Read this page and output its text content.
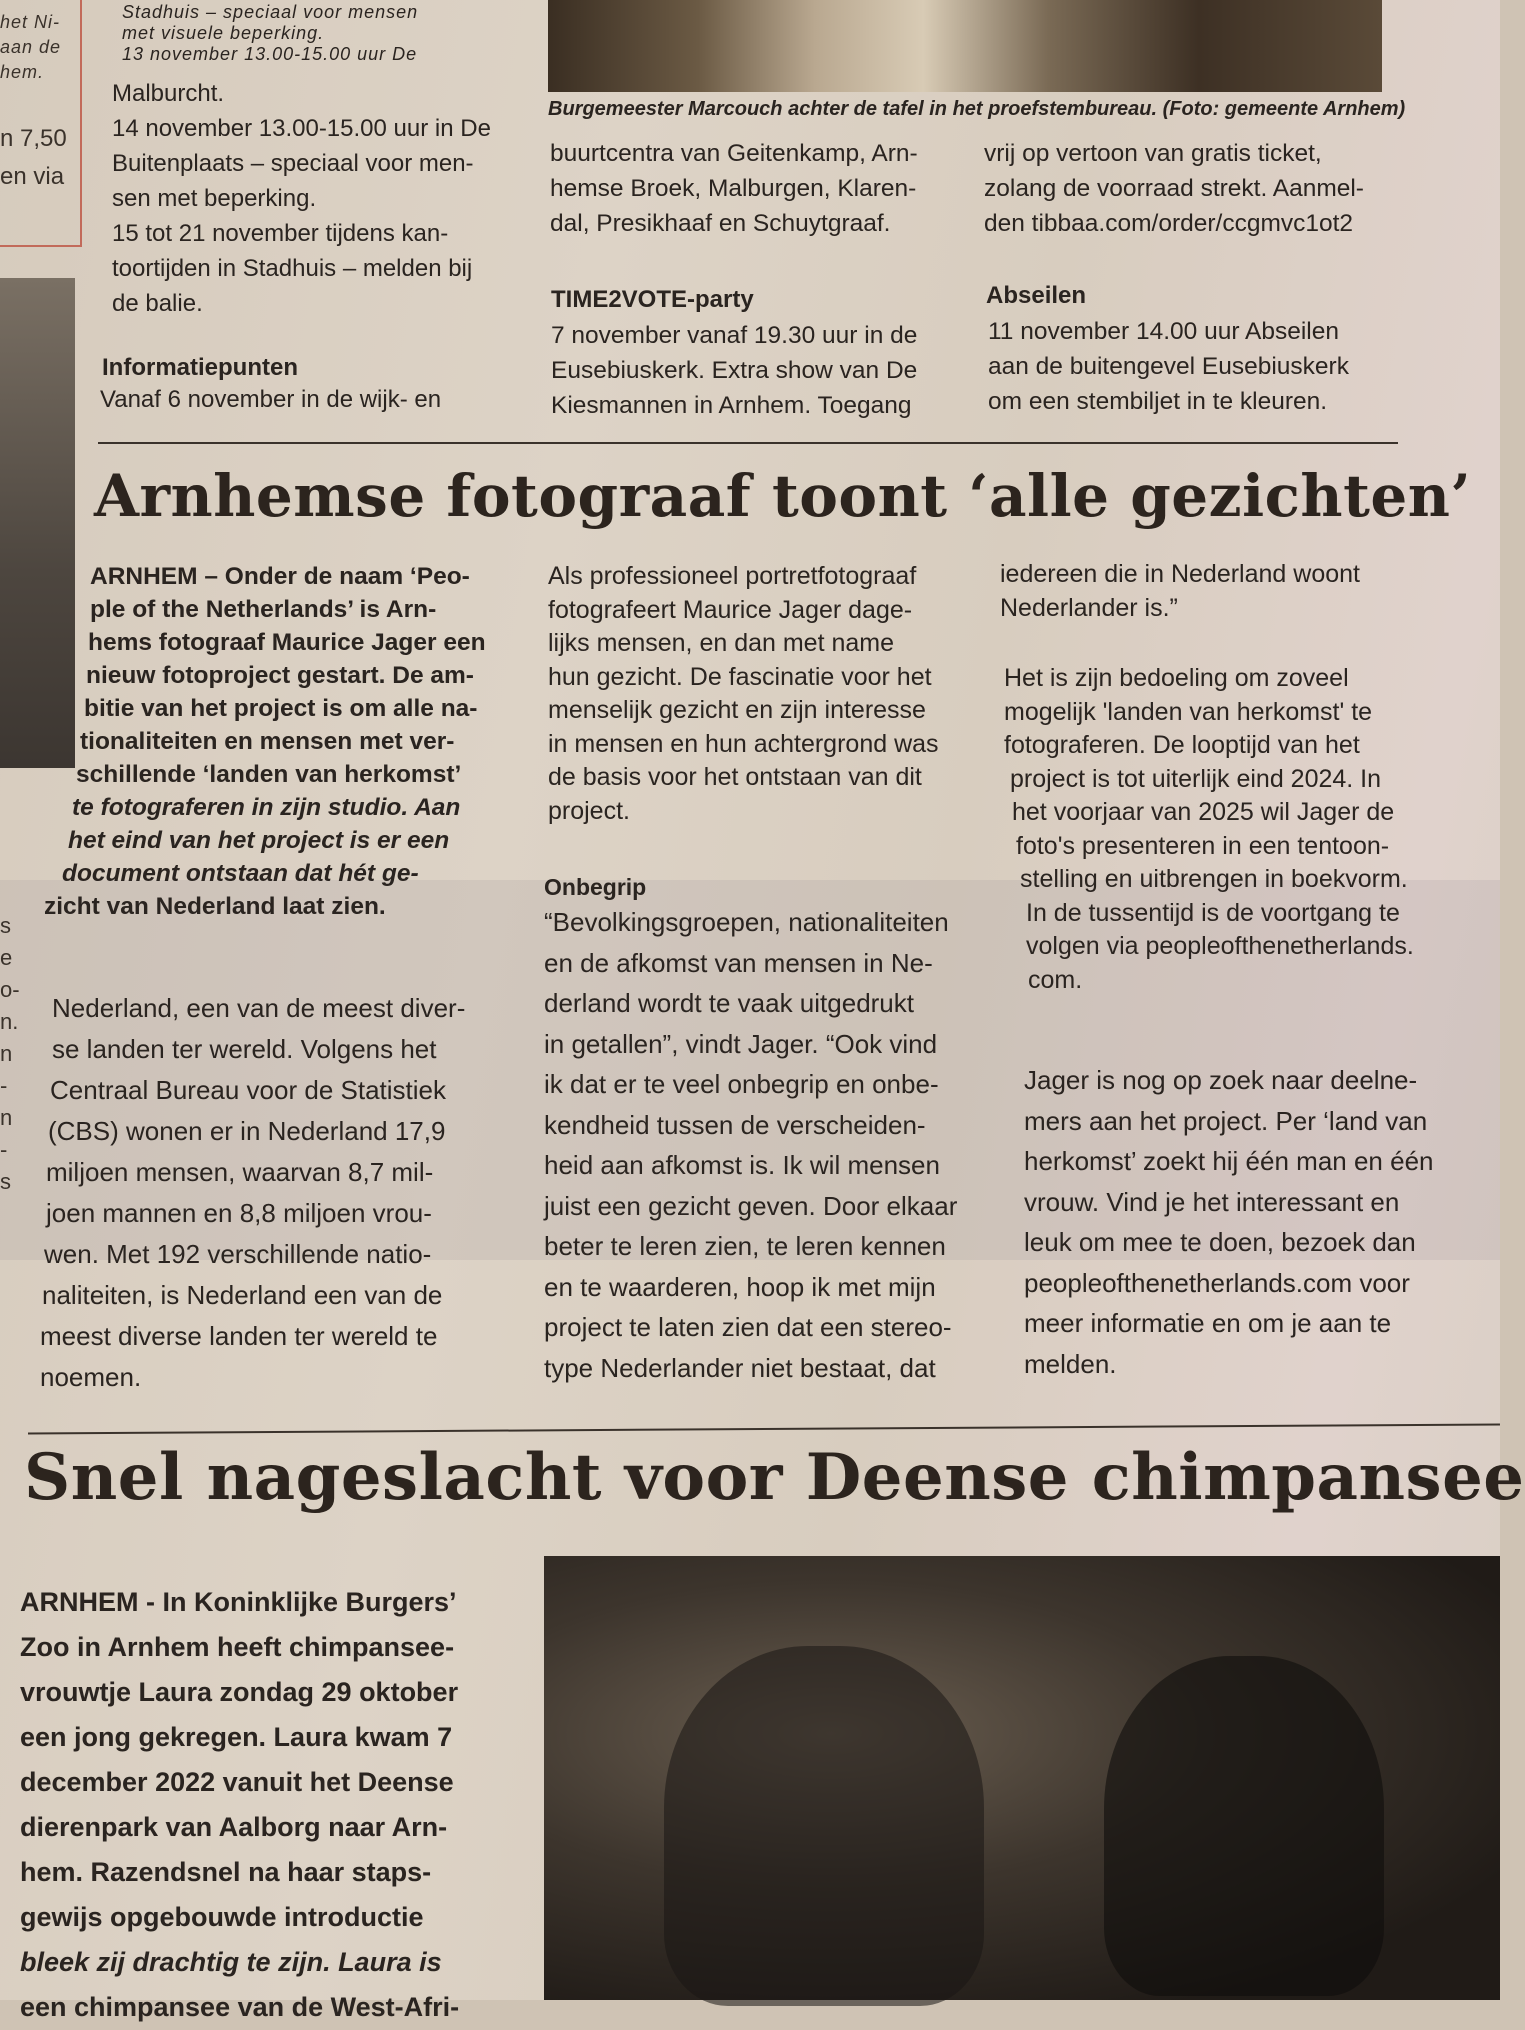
het Ni-
aan de
hem.
n 7,50
en via
s
e
o-
n.
n
-
n
-
s
Stadhuis – speciaal voor mensen
met visuele beperking.
13 november 13.00-15.00 uur De
Malburcht.
14 november 13.00-15.00 uur in De
Buitenplaats – speciaal voor men-
sen met beperking.
15 tot 21 november tijdens kan-
toortijden in Stadhuis – melden bij
de balie.
Informatiepunten
Vanaf 6 november in de wijk- en
Burgemeester Marcouch achter de tafel in het proefstembureau. (Foto: gemeente Arnhem)
buurtcentra van Geitenkamp, Arn-
hemse Broek, Malburgen, Klaren-
dal, Presikhaaf en Schuytgraaf.
TIME2VOTE-party
7 november vanaf 19.30 uur in de
Eusebiuskerk. Extra show van De
Kiesmannen in Arnhem. Toegang
vrij op vertoon van gratis ticket,
zolang de voorraad strekt. Aanmel-
den tibbaa.com/order/ccgmvc1ot2
Abseilen
11 november 14.00 uur Abseilen
aan de buitengevel Eusebiuskerk
om een stembiljet in te kleuren.
Arnhemse fotograaf toont ‘alle gezichten’
ARNHEM – Onder de naam ‘Peo-
ple of the Netherlands’ is Arn-
hems fotograaf Maurice Jager een
nieuw fotoproject gestart. De am-
bitie van het project is om alle na-
tionaliteiten en mensen met ver-
schillende ‘landen van herkomst’
te fotograferen in zijn studio. Aan
het eind van het project is er een
document ontstaan dat hét ge-
zicht van Nederland laat zien.
Nederland, een van de meest diver-
se landen ter wereld. Volgens het
Centraal Bureau voor de Statistiek
(CBS) wonen er in Nederland 17,9
miljoen mensen, waarvan 8,7 mil-
joen mannen en 8,8 miljoen vrou-
wen. Met 192 verschillende natio-
naliteiten, is Nederland een van de
meest diverse landen ter wereld te
noemen.
Als professioneel portretfotograaf
fotografeert Maurice Jager dage-
lijks mensen, en dan met name
hun gezicht. De fascinatie voor het
menselijk gezicht en zijn interesse
in mensen en hun achtergrond was
de basis voor het ontstaan van dit
project.
Onbegrip
“Bevolkingsgroepen, nationaliteiten
en de afkomst van mensen in Ne-
derland wordt te vaak uitgedrukt
in getallen”, vindt Jager. “Ook vind
ik dat er te veel onbegrip en onbe-
kendheid tussen de verscheiden-
heid aan afkomst is. Ik wil mensen
juist een gezicht geven. Door elkaar
beter te leren zien, te leren kennen
en te waarderen, hoop ik met mijn
project te laten zien dat een stereo-
type Nederlander niet bestaat, dat
iedereen die in Nederland woont
Nederlander is.”
Het is zijn bedoeling om zoveel
mogelijk 'landen van herkomst' te
fotograferen. De looptijd van het
project is tot uiterlijk eind 2024. In
het voorjaar van 2025 wil Jager de
foto's presenteren in een tentoon-
stelling en uitbrengen in boekvorm.
In de tussentijd is de voortgang te
volgen via peopleofthenetherlands.
com.
Jager is nog op zoek naar deelne-
mers aan het project. Per ‘land van
herkomst’ zoekt hij één man en één
vrouw. Vind je het interessant en
leuk om mee te doen, bezoek dan
peopleofthenetherlands.com voor
meer informatie en om je aan te
melden.
Snel nageslacht voor Deense chimpansee
ARNHEM - In Koninklijke Burgers’
Zoo in Arnhem heeft chimpansee-
vrouwtje Laura zondag 29 oktober
een jong gekregen. Laura kwam 7
december 2022 vanuit het Deense
dierenpark van Aalborg naar Arn-
hem. Razendsnel na haar staps-
gewijs opgebouwde introductie
bleek zij drachtig te zijn. Laura is
een chimpansee van de West-Afri-
